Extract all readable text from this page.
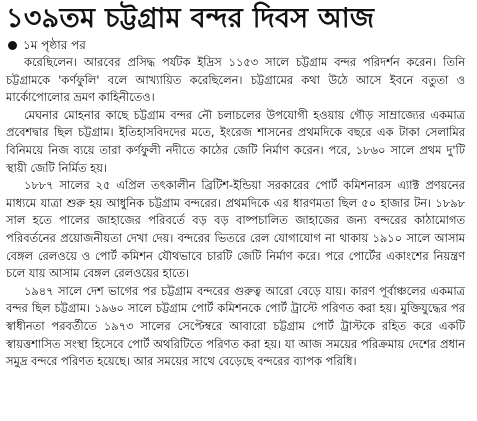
১৩৯তম চট্টগ্রাম বন্দর দিবস আজ
১ম পৃষ্ঠার পর

করেছিলেন। আরবের প্রসিদ্ধ পর্যটক ইদ্রিস ১১৫৩ সালে চট্টগ্রাম বন্দর পরিদর্শন করেন। তিনি চট্টগ্রামকে 'কর্ণফুলি' বলে আখ্যায়িত করেছিলেন। চট্টগ্রামের কথা উঠে আসে ইবনে বতুতা ও মার্কোপোলোর ভ্রমণ কাহিনীতেও।

মেঘনার মোহনার কাছে চট্টগ্রাম বন্দর নৌ চলাচলের উপযোগী হওয়ায় গৌড় সাম্রাজ্যের একমাত্র প্রবেশদ্বার ছিল চট্টগ্রাম। ইতিহাসবিদদের মতে, ইংরেজ শাসনের প্রথমদিকে বছরে এক টাকা সেলামির বিনিময়ে নিজ ব্যয়ে তারা কর্ণফুলী নদীতে কাঠের জেটি নির্মাণ করেন। পরে, ১৮৬০ সালে প্রথম দু'টি স্থায়ী জেটি নির্মিত হয়।

১৮৮৭ সালের ২৫ এপ্রিল তৎকালীন ব্রিটিশ-ইন্ডিয়া সরকারের পোর্ট কমিশনারস এ্যাক্ট প্রণয়নের মাধ্যমে যাত্রা শুরু হয় আধুনিক চট্টগ্রাম বন্দরের। প্রথমদিকে এর ধারণমতা ছিল ৫০ হাজার টন। ১৮৯৮ সাল হতে পালের জাহাজের পরিবর্তে বড় বড় বাষ্পচালিত জাহাজের জন্য বন্দরের কাঠামোগত পরিবর্তনের প্রয়োজনীয়তা দেখা দেয়। বন্দরের ভিতরে রেল যোগাযোগ না থাকায় ১৯১০ সালে আসাম বেঙ্গল রেলওয়ে ও পোর্ট কমিশন যৌথভাবে চারটি জেটি নির্মাণ করে। পরে পোর্টের একাংশের নিয়ন্ত্রণ চলে যায় আসাম বেঙ্গল রেলওয়ের হাতে।

১৯৪৭ সালে দেশ ভাগের পর চট্টগ্রাম বন্দরের গুরুত্ব আরো বেড়ে যায়। কারণ পূর্বাঞ্চলের একমাত্র বন্দর ছিল চট্টগ্রাম। ১৯৬০ সালে চট্টগ্রাম পোর্ট কমিশনকে পোর্ট ট্রাস্টে পরিণত করা হয়। মুক্তিযুদ্ধের পর স্বাধীনতা পরবর্তীতে ১৯৭৩ সালের সেপ্টেম্বরে আবারো চট্টগ্রাম পোর্ট ট্রাস্টকে রহিত করে একটি স্বায়ত্তশাসিত সংস্থা হিসেবে পোর্ট অথরিটিতে পরিণত করা হয়। যা আজ সময়ের পরিক্রমায় দেশের প্রধান সমুদ্র বন্দরে পরিণত হয়েছে। আর সময়ের সাথে বেড়েছে বন্দরের ব্যাপক পরিধি।
